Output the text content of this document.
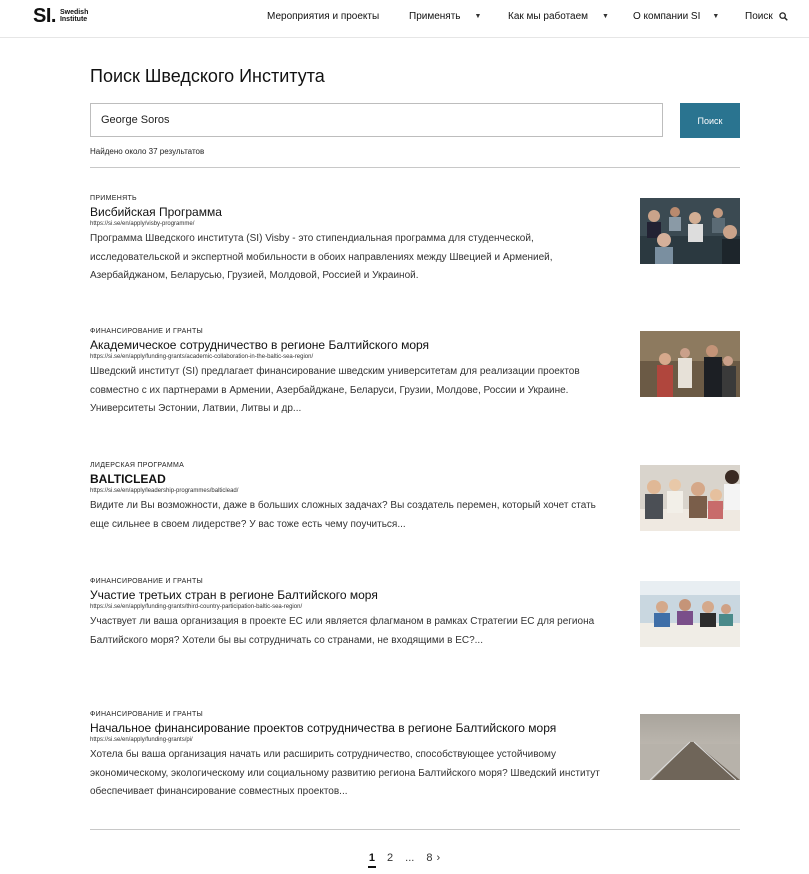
SI. Swedish
Institute	Мероприятия и проекты	Применять ▼	Как мы работаем ▼ О компании SI ▼	Поиск
Поиск Шведского Института
George Soros	Поиск
Найдено около 37 результатов
ПРИМЕНЯТЬ
Висбийская Программа
https://si.se/en/apply/visby-programme/
Программа Шведского института (SI) Visby - это стипендиальная программа для студенческой, исследовательской и экспертной мобильности в обоих направлениях между Швецией и Арменией, Азербайджаном, Беларусью, Грузией, Молдовой, Россией и Украиной.
ФИНАНСИРОВАНИЕ И ГРАНТЫ
Академическое сотрудничество в регионе Балтийского моря
https://si.se/en/apply/funding-grants/academic-collaboration-in-the-baltic-sea-region/
Шведский институт (SI) предлагает финансирование шведским университетам для реализации проектов совместно с их партнерами в Армении, Азербайджане, Беларуси, Грузии, Молдове, России и Украине. Университеты Эстонии, Латвии, Литвы и др...
ЛИДЕРСКАЯ ПРОГРАММА
BALTICLEAD
https://si.se/en/apply/leadership-programmes/balticlead/
Видите ли Вы возможности, даже в больших сложных задачах? Вы создатель перемен, который хочет стать еще сильнее в своем лидерстве? У вас тоже есть чему поучиться...
ФИНАНСИРОВАНИЕ И ГРАНТЫ
Участие третьих стран в регионе Балтийского моря
https://si.se/en/apply/funding-grants/third-country-participation-baltic-sea-region/
Участвует ли ваша организация в проекте ЕС или является флагманом в рамках Стратегии ЕС для региона Балтийского моря? Хотели бы вы сотрудничать со странами, не входящими в ЕС?...
ФИНАНСИРОВАНИЕ И ГРАНТЫ
Начальное финансирование проектов сотрудничества в регионе Балтийского моря
https://si.se/en/apply/funding-grants/pi/
Хотела бы ваша организация начать или расширить сотрудничество, способствующее устойчивому экономическому, экологическому или социальному развитию региона Балтийского моря? Шведский институт обеспечивает финансирование совместных проектов...
1 2 ... 8 ›
